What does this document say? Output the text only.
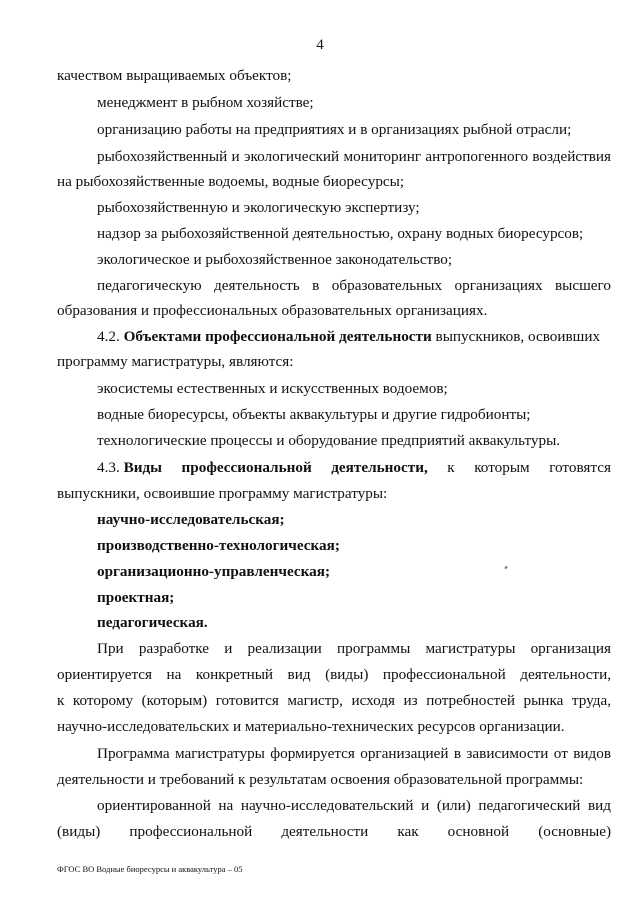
4
качеством выращиваемых объектов;
менеджмент в рыбном хозяйстве;
организацию работы на предприятиях и в организациях рыбной отрасли;
рыбохозяйственный и экологический мониторинг антропогенного воздействия
на рыбохозяйственные водоемы, водные биоресурсы;
рыбохозяйственную и экологическую экспертизу;
надзор за рыбохозяйственной деятельностью, охрану водных биоресурсов;
экологическое и рыбохозяйственное законодательство;
педагогическую деятельность в образовательных организациях высшего
образования и профессиональных образовательных организациях.
4.2. Объектами профессиональной деятельности выпускников, освоивших
программу магистратуры, являются:
экосистемы естественных и искусственных водоемов;
водные биоресурсы, объекты аквакультуры и другие гидробионты;
технологические процессы и оборудование предприятий аквакультуры.
4.3. Виды профессиональной деятельности, к которым готовятся
выпускники, освоившие программу магистратуры:
научно-исследовательская;
производственно-технологическая;
организационно-управленческая;
проектная;
педагогическая.
При разработке и реализации программы магистратуры организация
ориентируется на конкретный вид (виды) профессиональной деятельности,
к которому (которым) готовится магистр, исходя из потребностей рынка труда,
научно-исследовательских и материально-технических ресурсов организации.
Программа магистратуры формируется организацией в зависимости от видов
деятельности и требований к результатам освоения образовательной программы:
ориентированной на научно-исследовательский и (или) педагогический вид
(виды) профессиональной деятельности как основной (основные)
ФГОС ВО Водные биоресурсы и аквакультура – 05
